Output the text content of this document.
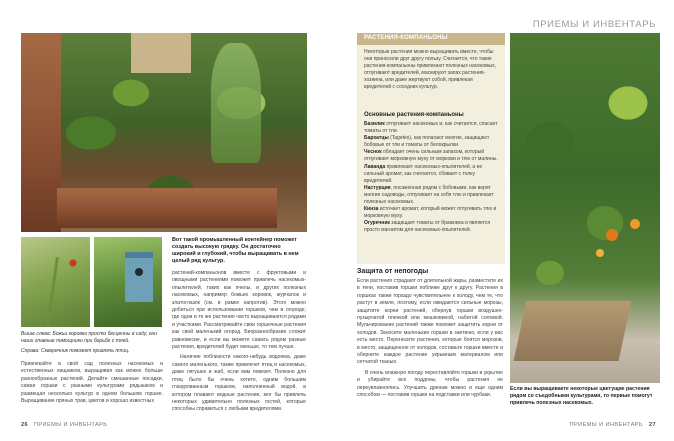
ПРИЕМЫ И ИНВЕНТАРЬ
Вот такой промышленный контейнер поможет создать высокую грядку. Он достаточно широкий и глубокий, чтобы выращивать в нем целый ряд культур.
Выше слева: Божьи коровки просто бесценны в саду, они наши главные помощники при борьбе с тлей.
Справа: Скворечник поможет привлечь птиц.
Привлекайте в свой сад полезных насекомых и естественных хищников, выращивая как можно больше разнообразных растений. Делайте смешанные посадки, сажая горшки с разными культурами рядышком и размещая несколько культур в одном большом горшке. Выращивание пряных трав, цветов и хорошо известных

растений-компаньонов вместе с фруктовыми и овощными растениями поможет привлечь насекомых-опылителей, таких как пчелы, и других полезных насекомых, например божьих коровок, журчалок и златоглазок (см. в рамке напротив). Этого можно добиться при использовании горшков, чем в огороде, где одни и те же растения часто выращиваются рядами и участками. Рассматривайте свои горшечные растения как свой маленький огород. Биоразнообразие сложит равновесие, и если вы можете сажать рядом разные растения, вредителей будет меньше, то тем лучше.

Наличие поблизости какого-нибудь водоема, даже самого маленького, также привлечет птиц и насекомых, даже лягушек и жаб, если вам повезет. Полезно для птиц было бы очень хотите, одним большим глазурованным горшком, наполненный водой, в котором плавают водные растения, мог бы привлечь некоторых удивительно полезных гостей, которые способны справиться с любыми вредителями.

РАСТЕНИЯ-КОМПАНЬОНЫ
Некоторые растения можно выращивать вместе, чтобы они приносили друг другу пользу. Считается, что такие растения-компаньоны привлекают полезных насекомых, отпугивают вредителей, маскируют запах растения-хозяина, или даже жертвуют собой, привлекая вредителей с соседних культур.
Основные растения-компаньоны
Базилик отпугивает насекомых и, как считается, спасает томаты от тли.
Бархатцы (Tagetes), как полагают многие, защищают бобовые от тли и томаты от белокрылки.
Чеснок обладает очень сильным запахом, который отпугивает морковную муху от моркови и тлю от малины.
Лаванда привлекает насекомых-опылителей, а ее сильный аромат, как считается, сбивает с толку вредителей.
Настурция, посаженная рядом с бобовыми, как верят многие садоводы, отпугивает на себя тлю и привлекает полезных насекомых.
Кинза источает аромат, который может отпугивать тлю и морковную муху.
Огуречник защищает томаты от бражника и является просто магнитом для насекомых-опылителей.
Защита от непогоды

Если растения страдают от длительной жары, разместите их в тени, поставив горшки поближе друг к другу. Растения в горшках также гораздо чувствительнее к холоду, чем те, что растут в земле, поэтому, если ожидаются сильные морозы, защитите корни растений, обернув горшки воздушно-пузырчатой пленкой или мешковиной, набитой соломой. Мульчирование растений также поможет защитить корни от холодов. Заносите маленькие горшки в заетиню, если у вас есть место. Переносите растения, которые боятся морозов, в место, защищенное от холодов, составьте горшки вместе и оберните каждое растение укрывным материалом или сетчатой тканью.

В очень влажную погоду переставляйте горшки в укрытие и убирайте все поддоны, чтобы растения не переувлажнялись. Улучшить дренаж можно и еще одним способом — поставив горшки на подставки или чурбаки.

Если вы выращиваете некоторые цветущие растения рядом со съедобными культурами, то первые помогут привлечь полезных насекомых.
26 ПРИЕМЫ И ИНВЕНТАРЬ	ПРИЕМЫ И ИНВЕНТАРЬ 27
